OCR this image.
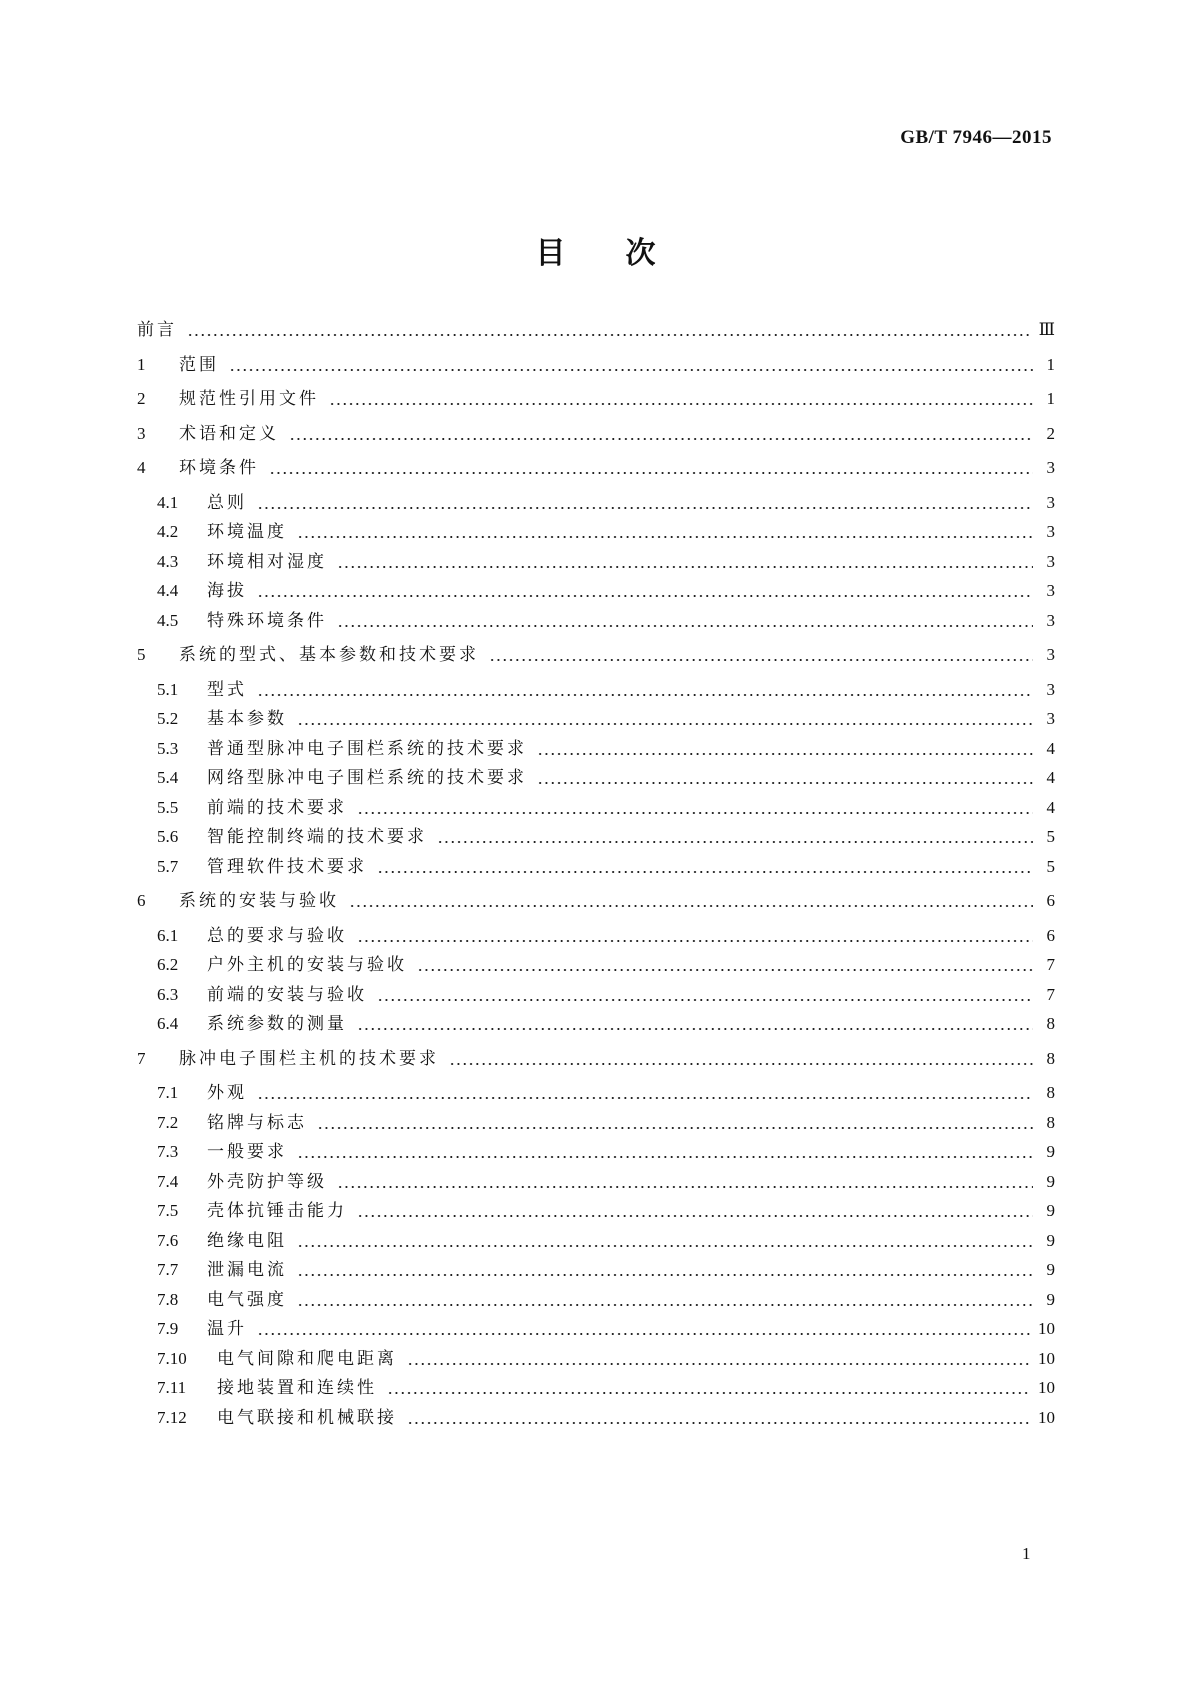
GB/T 7946—2015
目次
前言	Ⅲ
1	范围	1
2	规范性引用文件	1
3	术语和定义	2
4	环境条件	3
4.1	总则	3
4.2	环境温度	3
4.3	环境相对湿度	3
4.4	海拔	3
4.5	特殊环境条件	3
5	系统的型式、基本参数和技术要求	3
5.1	型式	3
5.2	基本参数	3
5.3	普通型脉冲电子围栏系统的技术要求	4
5.4	网络型脉冲电子围栏系统的技术要求	4
5.5	前端的技术要求	4
5.6	智能控制终端的技术要求	5
5.7	管理软件技术要求	5
6	系统的安装与验收	6
6.1	总的要求与验收	6
6.2	户外主机的安装与验收	7
6.3	前端的安装与验收	7
6.4	系统参数的测量	8
7	脉冲电子围栏主机的技术要求	8
7.1	外观	8
7.2	铭牌与标志	8
7.3	一般要求	9
7.4	外壳防护等级	9
7.5	壳体抗锤击能力	9
7.6	绝缘电阻	9
7.7	泄漏电流	9
7.8	电气强度	9
7.9	温升	10
7.10	电气间隙和爬电距离	10
7.11	接地装置和连续性	10
7.12	电气联接和机械联接	10
1
